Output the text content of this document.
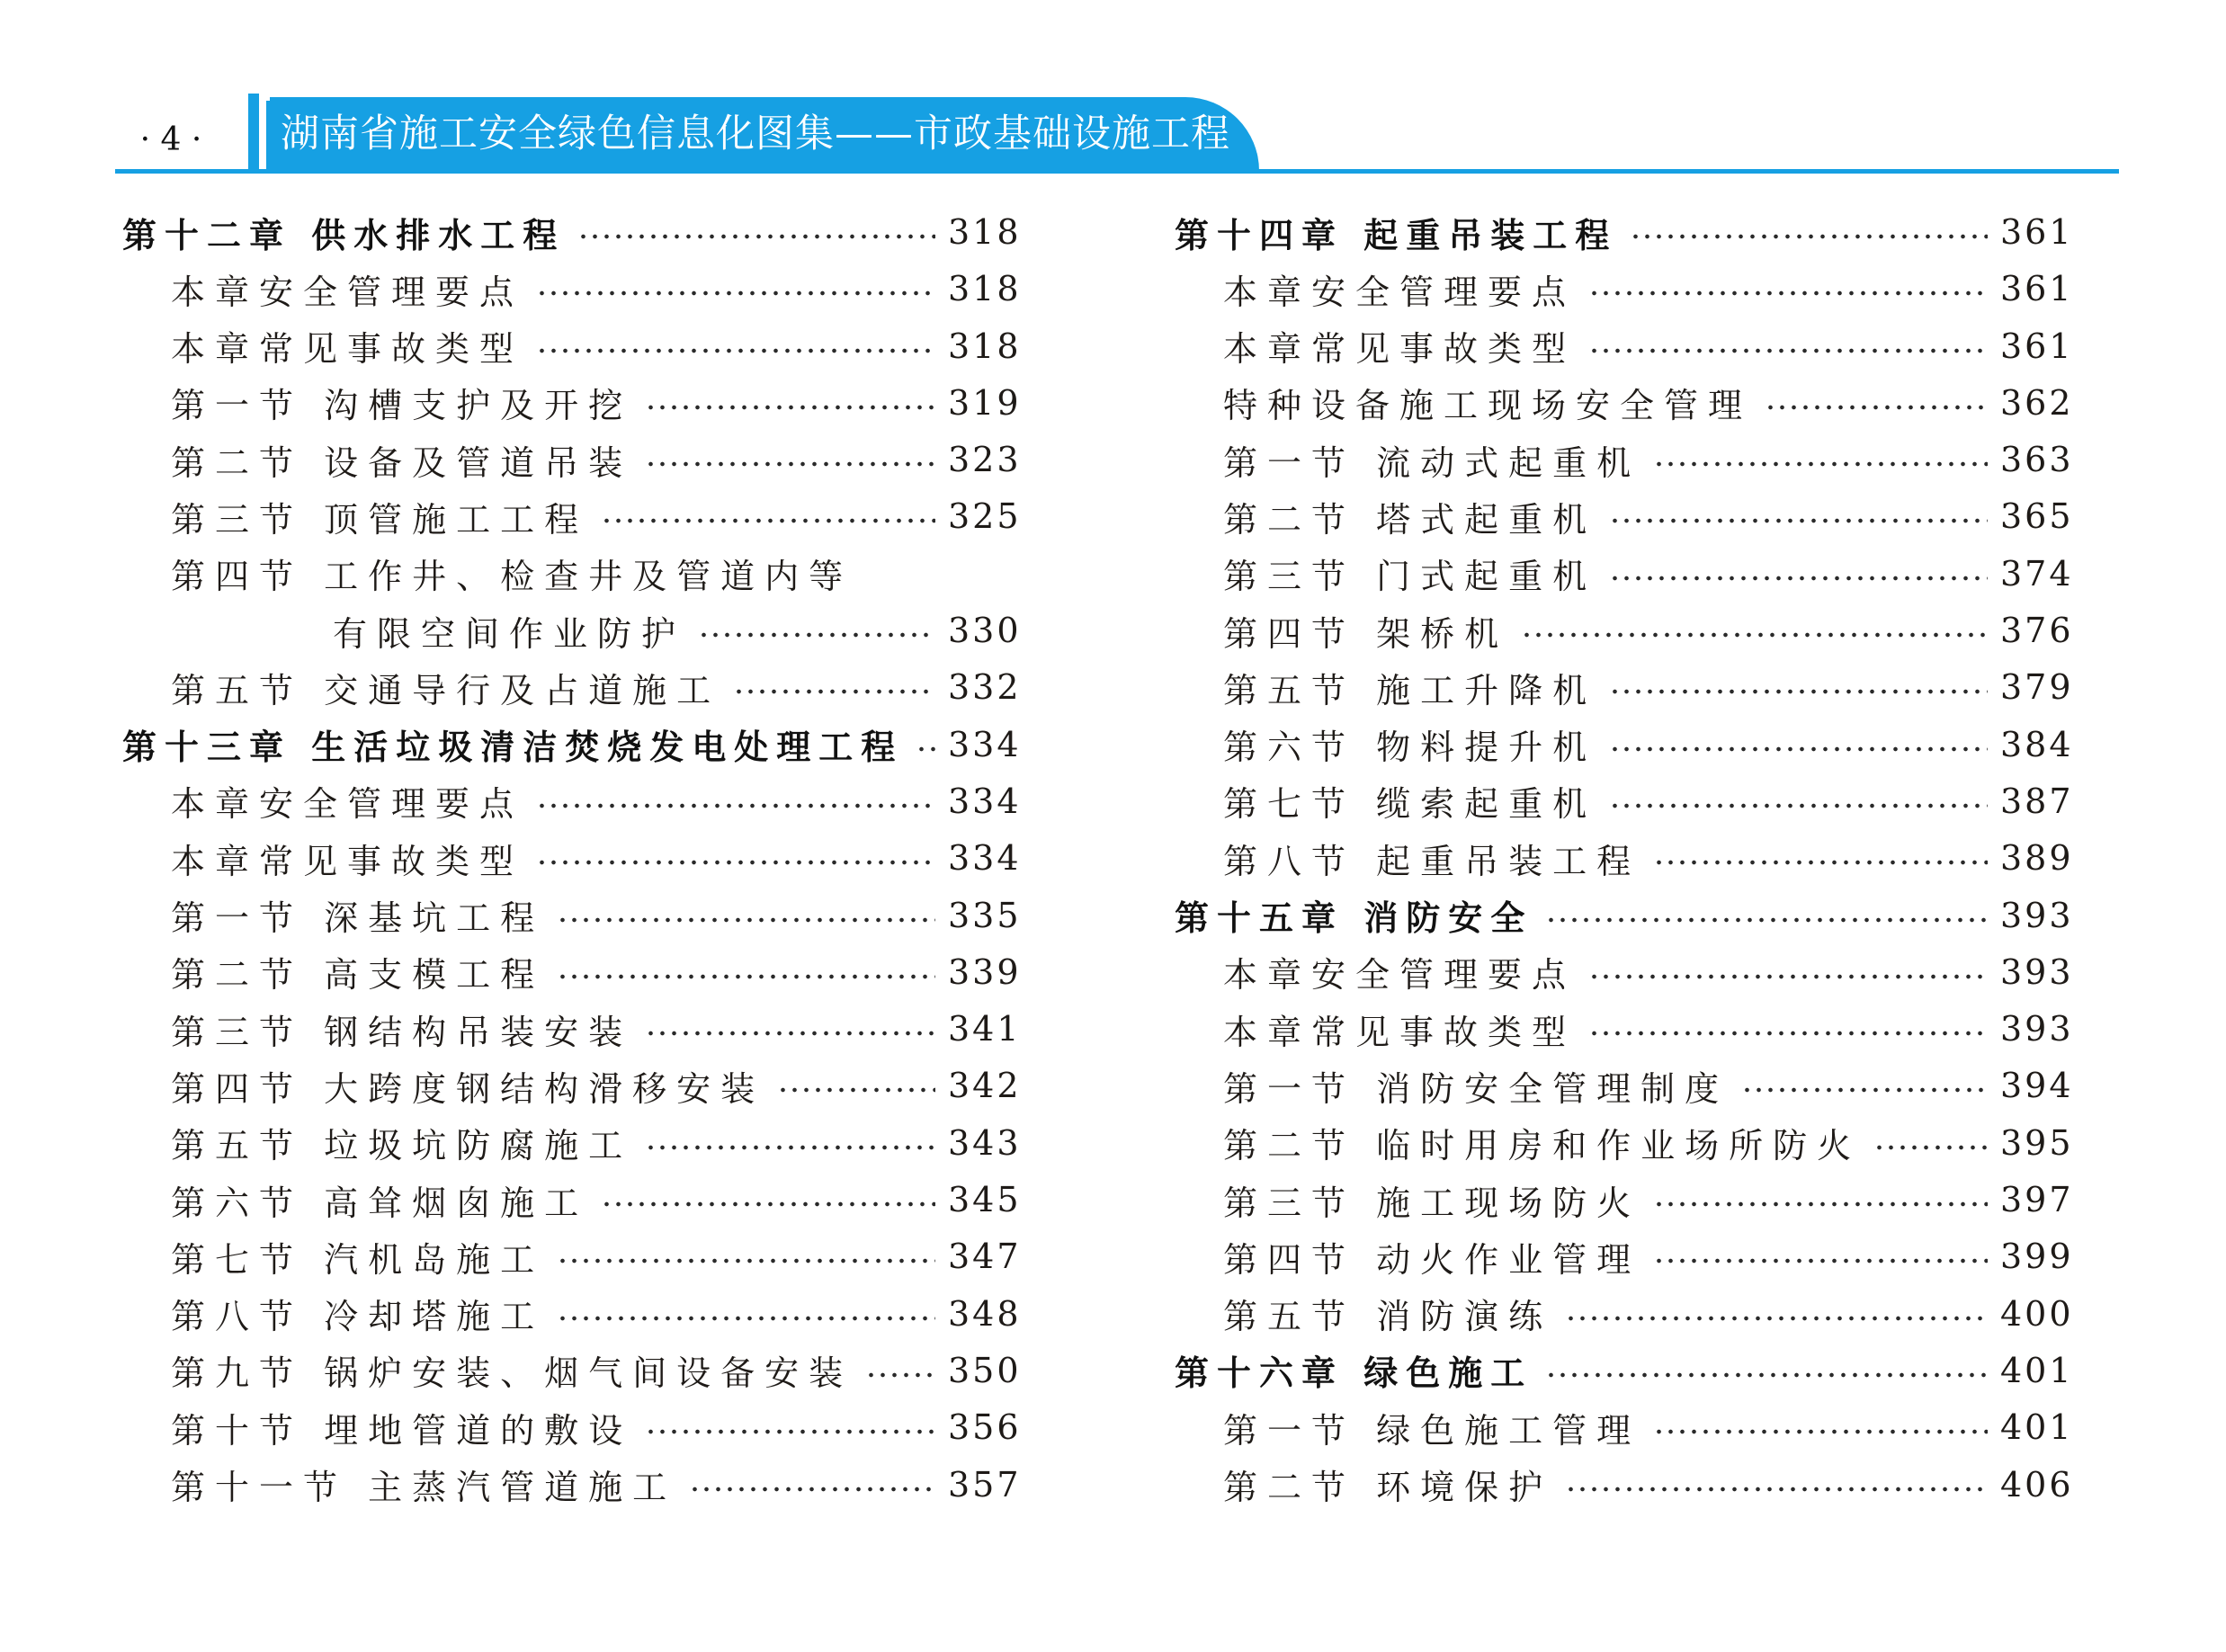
· 4 ·	湖南省施工安全绿色信息化图集——市政基础设施工程
第十二章 供水排水工程	318
本章安全管理要点	318
本章常见事故类型	318
第一节 沟槽支护及开挖	319
第二节 设备及管道吊装	323
第三节 顶管施工工程	325
第四节 工作井、检查井及管道内等
有限空间作业防护	330
第五节 交通导行及占道施工	332
第十三章 生活垃圾清洁焚烧发电处理工程 334
本章安全管理要点	334
本章常见事故类型	334
第一节 深基坑工程	335
第二节 高支模工程	339
第三节 钢结构吊装安装	341
第四节 大跨度钢结构滑移安装	342
第五节 垃圾坑防腐施工	343
第六节 高耸烟囱施工	345
第七节 汽机岛施工	347
第八节 冷却塔施工	348
第九节 锅炉安装、烟气间设备安装	350
第十节 埋地管道的敷设	356
第十一节 主蒸汽管道施工	357
第十四章 起重吊装工程	361
本章安全管理要点	361
本章常见事故类型	361
特种设备施工现场安全管理	362
第一节 流动式起重机	363
第二节 塔式起重机	365
第三节 门式起重机	374
第四节 架桥机	376
第五节 施工升降机	379
第六节 物料提升机	384
第七节 缆索起重机	387
第八节 起重吊装工程	389
第十五章 消防安全	393
本章安全管理要点	393
本章常见事故类型	393
第一节 消防安全管理制度	394
第二节 临时用房和作业场所防火	395
第三节 施工现场防火	397
第四节 动火作业管理	399
第五节 消防演练	400
第十六章 绿色施工	401
第一节 绿色施工管理	401
第二节 环境保护	406
